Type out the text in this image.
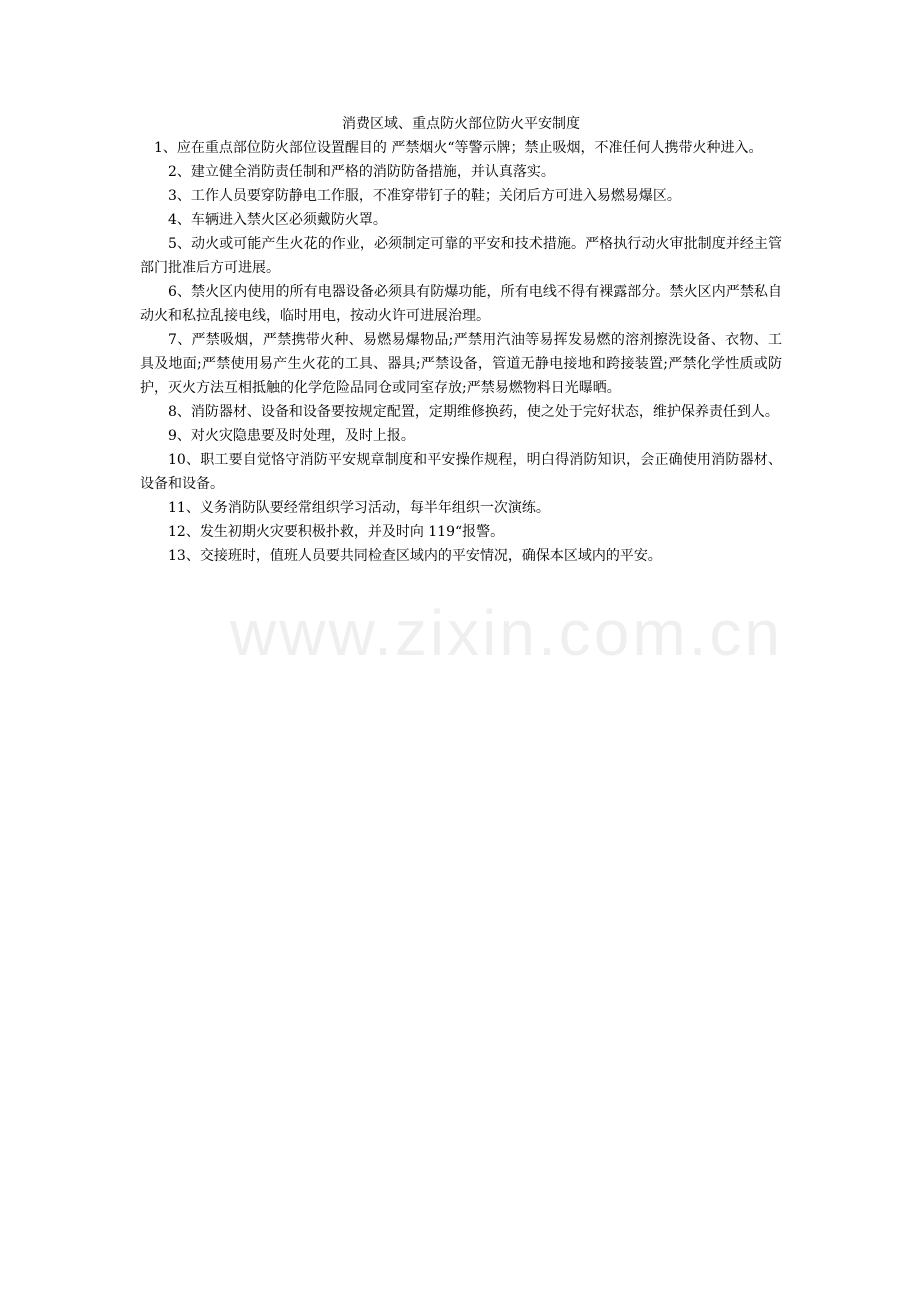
www.zixin.com.cn
消费区域、重点防火部位防火平安制度

1、应在重点部位防火部位设置醒目的 严禁烟火“等警示牌；禁止吸烟，不准任何人携带火种进入。

2、建立健全消防责任制和严格的消防防备措施，并认真落实。

3、工作人员要穿防静电工作服，不准穿带钉子的鞋；关闭后方可进入易燃易爆区。

4、车辆进入禁火区必须戴防火罩。

5、动火或可能产生火花的作业，必须制定可靠的平安和技术措施。严格执行动火审批制度并经主管部门批准后方可进展。

6、禁火区内使用的所有电器设备必须具有防爆功能，所有电线不得有裸露部分。禁火区内严禁私自动火和私拉乱接电线，临时用电，按动火许可进展治理。

7、严禁吸烟，严禁携带火种、易燃易爆物品;严禁用汽油等易挥发易燃的溶剂擦洗设备、衣物、工具及地面;严禁使用易产生火花的工具、器具;严禁设备，管道无静电接地和跨接装置;严禁化学性质或防护，灭火方法互相抵触的化学危险品同仓或同室存放;严禁易燃物料日光曝晒。

8、消防器材、设备和设备要按规定配置，定期维修换药，使之处于完好状态，维护保养责任到人。

9、对火灾隐患要及时处理，及时上报。

10、职工要自觉恪守消防平安规章制度和平安操作规程，明白得消防知识，会正确使用消防器材、设备和设备。

11、义务消防队要经常组织学习活动，每半年组织一次演练。

12、发生初期火灾要积极扑救，并及时向 119“报警。

13、交接班时，值班人员要共同检查区域内的平安情况，确保本区域内的平安。
